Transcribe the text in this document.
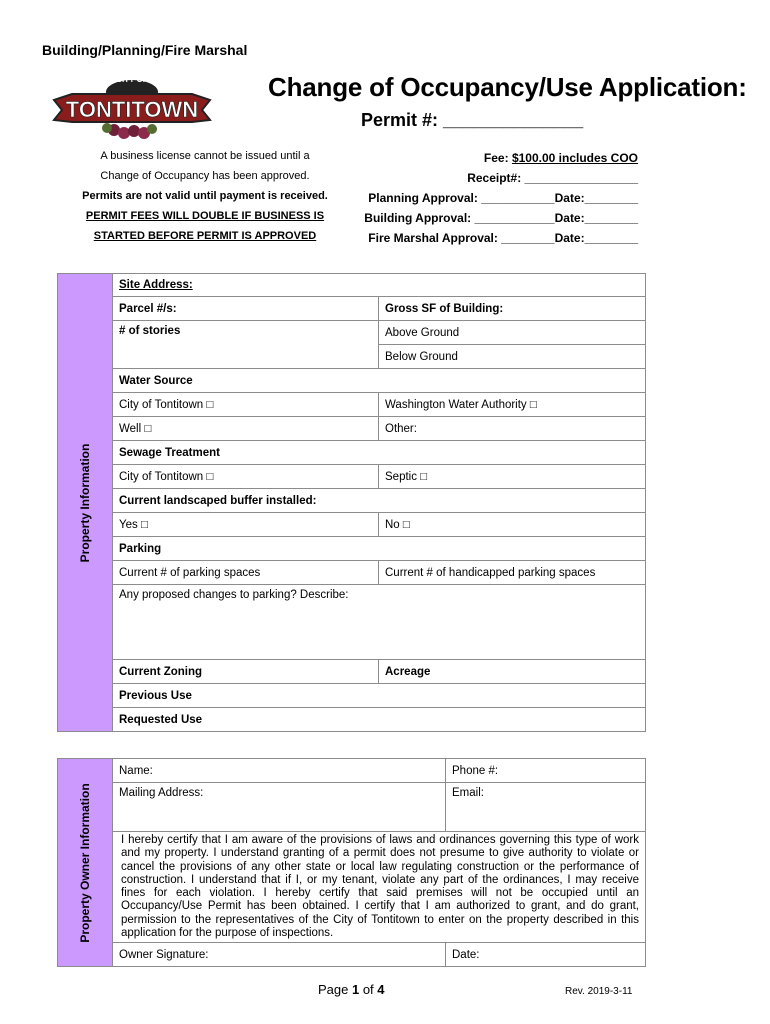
Building/Planning/Fire Marshal
CITY OF
TONTITOWN
Change of Occupancy/Use Application:
Permit #: ______________
A business license cannot be issued until a
Change of Occupancy has been approved.
Permits are not valid until payment is received.
PERMIT FEES WILL DOUBLE IF BUSINESS IS
STARTED BEFORE PERMIT IS APPROVED
Fee: $100.00 includes COO
Receipt#: _________________
Planning Approval: ___________Date:________
Building Approval: ____________Date:________
Fire Marshal Approval: ________Date:________
Property Information	Site Address:	
	Parcel #/s:	Gross SF of Building:
	# of stories	Above Ground
		Below Ground
	Water Source	
	City of Tontitown □	Washington Water Authority □
	Well □	Other:
	Sewage Treatment	
	City of Tontitown □	Septic □
	Current landscaped buffer installed:	
	Yes □	No □
	Parking	
	Current # of parking spaces	Current # of handicapped parking spaces
	Any proposed changes to parking? Describe:	
	Current Zoning	Acreage
	Previous Use	
	Requested Use	
Property Owner Information	Name:	Phone #:
	Mailing Address:	Email:
	I hereby certify that I am aware of the provisions of laws and ordinances governing this type of work and my property. I understand granting of a permit does not presume to give authority to violate or cancel the provisions of any other state or local law regulating construction or the performance of construction. I understand that if I, or my tenant, violate any part of the ordinances, I may receive fines for each violation. I hereby certify that said premises will not be occupied until an Occupancy/Use Permit has been obtained. I certify that I am authorized to grant, and do grant, permission to the representatives of the City of Tontitown to enter on the property described in this application for the purpose of inspections.	
	Owner Signature:	Date:
Page 1 of 4	Rev. 2019-3-11
